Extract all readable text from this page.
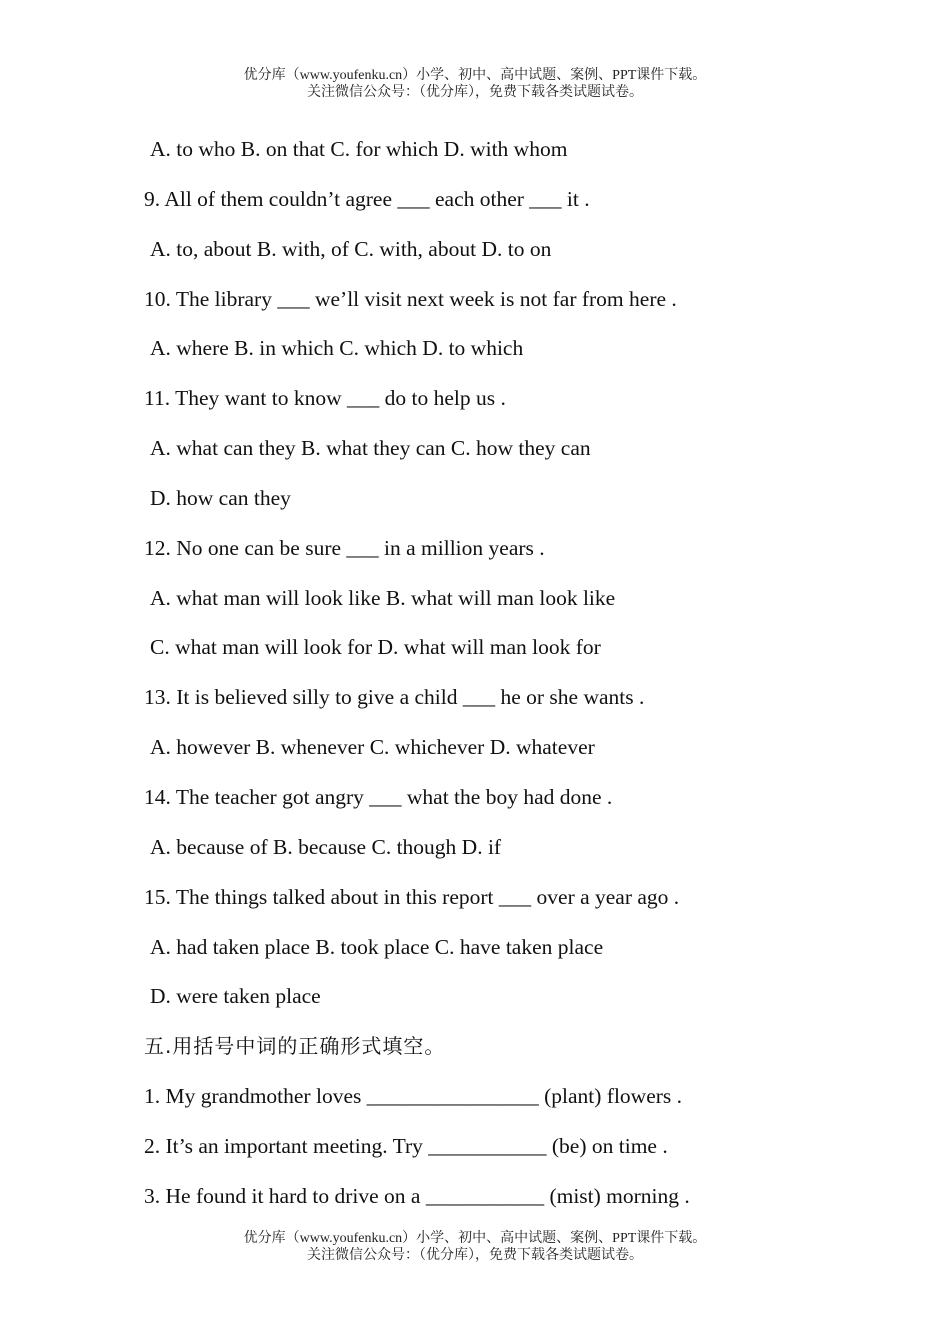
优分库（www.youfenku.cn）小学、初中、高中试题、案例、PPT课件下载。
关注微信公众号：（优分库），免费下载各类试题试卷。
A. to who B. on that C. for which D. with whom
9. All of them couldn’t agree ___ each other ___ it .
A. to, about B. with, of C. with, about D. to on
10. The library ___ we’ll visit next week is not far from here .
A. where B. in which C. which D. to which
11. They want to know ___ do to help us .
A. what can they B. what they can C. how they can
D. how can they
12. No one can be sure ___ in a million years .
A. what man will look like B. what will man look like
C. what man will look for D. what will man look for
13. It is believed silly to give a child ___ he or she wants .
A. however B. whenever C. whichever D. whatever
14. The teacher got angry ___ what the boy had done .
A. because of B. because C. though D. if
15. The things talked about in this report ___ over a year ago .
A. had taken place B. took place C. have taken place
D. were taken place
五.用括号中词的正确形式填空。
1. My grandmother loves ________________ (plant) flowers .
2. It’s an important meeting. Try ___________ (be) on time .
3. He found it hard to drive on a ___________ (mist) morning .
优分库（www.youfenku.cn）小学、初中、高中试题、案例、PPT课件下载。
关注微信公众号：（优分库），免费下载各类试题试卷。
